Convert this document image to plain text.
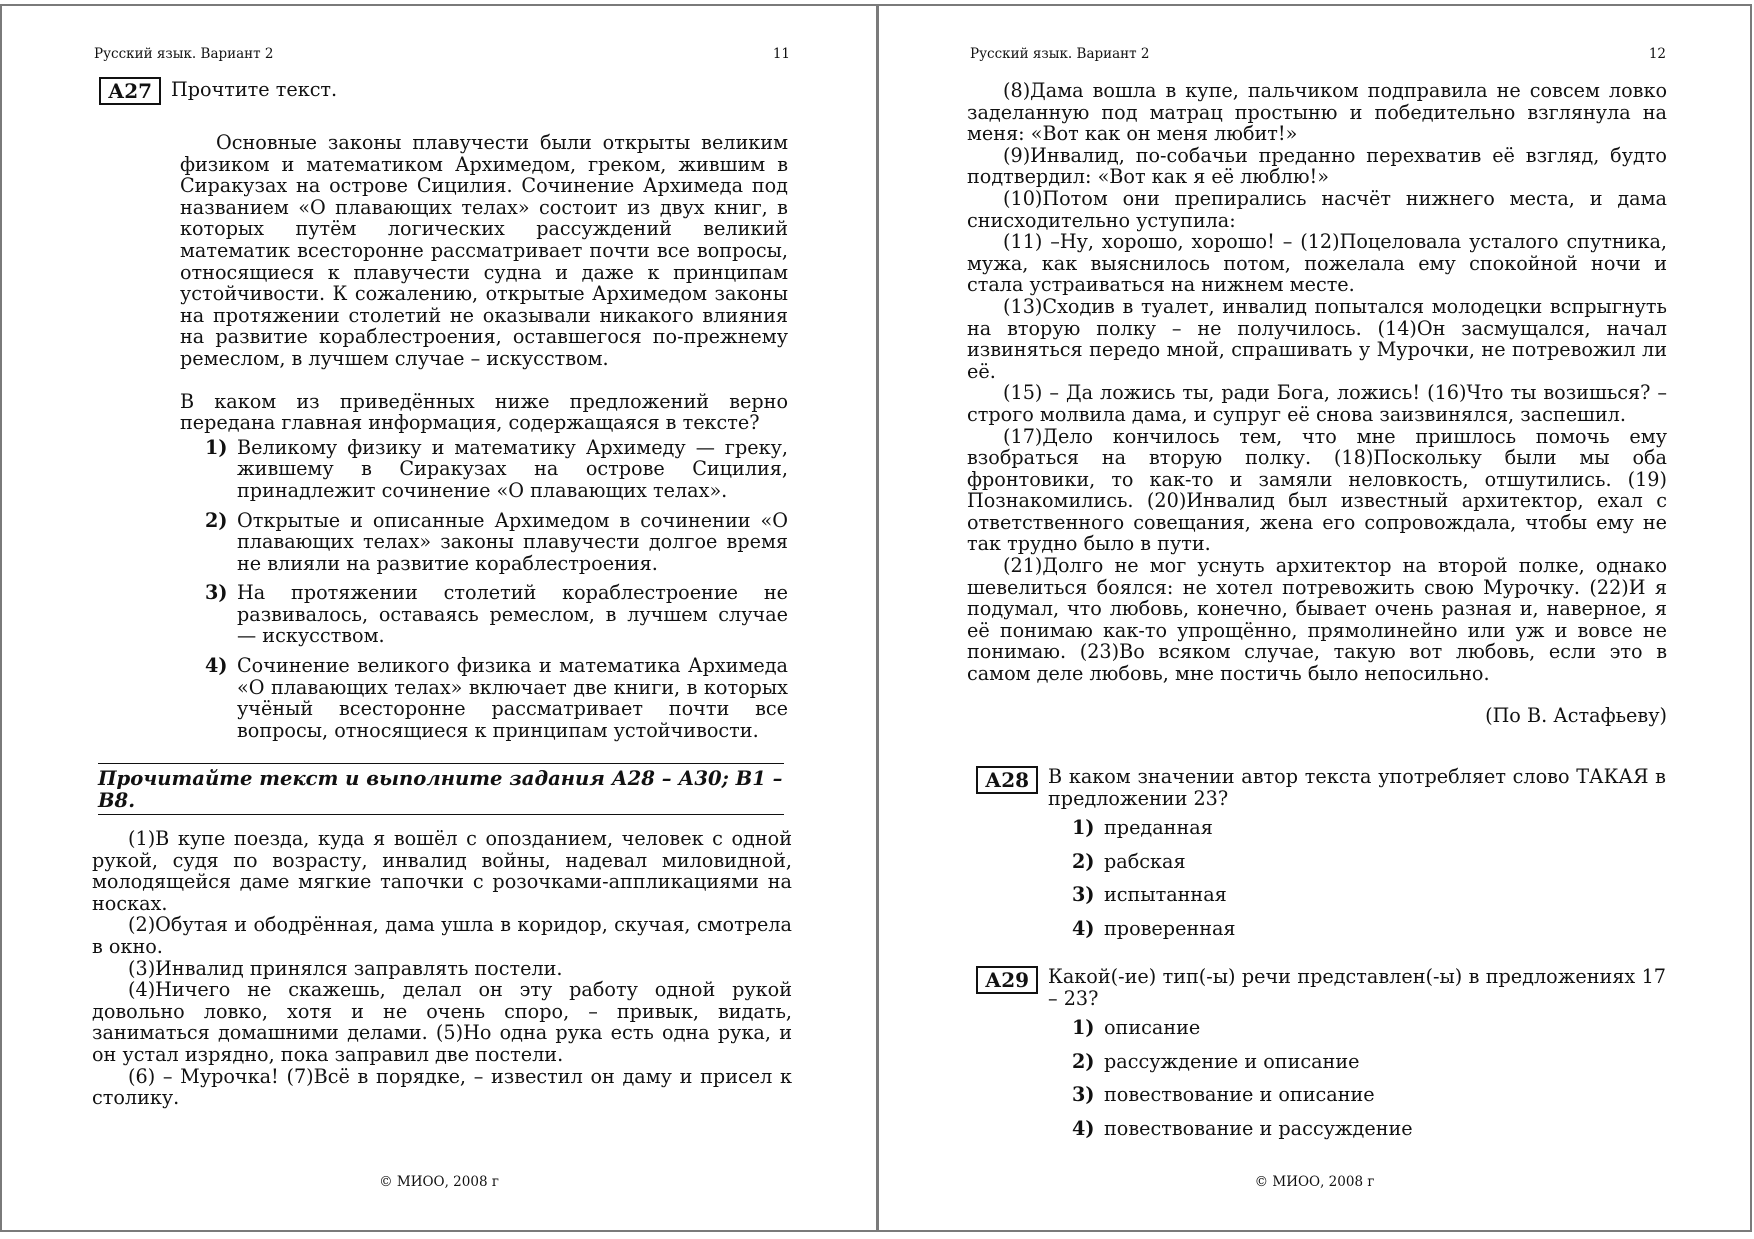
Русский язык. Вариант 2	11
А27 Прочтите текст.

Основные законы плавучести были открыты великим физиком и математиком Архимедом, греком, жившим в Сиракузах на острове Сицилия. Сочинение Архимеда под названием «О плавающих телах» состоит из двух книг, в которых путём логических рассуждений великий математик всесторонне рассматривает почти все вопросы, относящиеся к плавучести судна и даже к принципам устойчивости. К сожалению, открытые Архимедом законы на протяжении столетий не оказывали никакого влияния на развитие кораблестроения, оставшегося по-прежнему ремеслом, в лучшем случае – искусством.

В каком из приведённых ниже предложений верно передана главная информация, содержащаяся в тексте?

1) Великому физику и математику Архимеду — греку, жившему в Сиракузах на острове Сицилия, принадлежит сочинение «О плавающих телах».
2) Открытые и описанные Архимедом в сочинении «О плавающих телах» законы плавучести долгое время не влияли на развитие кораблестроения.
3) На протяжении столетий кораблестроение не развивалось, оставаясь ремеслом, в лучшем случае — искусством.
4) Сочинение великого физика и математика Архимеда «О плавающих телах» включает две книги, в которых учёный всесторонне рассматривает почти все вопросы, относящиеся к принципам устойчивости.
Прочитайте текст и выполните задания А28 – А30; В1 – В8.

(1)В купе поезда, куда я вошёл с опозданием, человек с одной рукой, судя по возрасту, инвалид войны, надевал миловидной, молодящейся даме мягкие тапочки с розочками-аппликациями на носках.

(2)Обутая и ободрённая, дама ушла в коридор, скучая, смотрела в окно.

(3)Инвалид принялся заправлять постели.

(4)Ничего не скажешь, делал он эту работу одной рукой довольно ловко, хотя и не очень споро, – привык, видать, заниматься домашними делами. (5)Но одна рука есть одна рука, и он устал изрядно, пока заправил две постели.

(6) – Мурочка! (7)Всё в порядке, – известил он даму и присел к столику.

© МИОО, 2008 г
Русский язык. Вариант 2	12

(8)Дама вошла в купе, пальчиком подправила не совсем ловко заделанную под матрац простыню и победительно взглянула на меня: «Вот как он меня любит!»

(9)Инвалид, по-собачьи преданно перехватив её взгляд, будто подтвердил: «Вот как я её люблю!»

(10)Потом они препирались насчёт нижнего места, и дама снисходительно уступила:

(11) –Ну, хорошо, хорошо! – (12)Поцеловала усталого спутника, мужа, как выяснилось потом, пожелала ему спокойной ночи и стала устраиваться на нижнем месте.

(13)Сходив в туалет, инвалид попытался молодецки вспрыгнуть на вторую полку – не получилось. (14)Он засмущался, начал извиняться передо мной, спрашивать у Мурочки, не потревожил ли её.

(15) – Да ложись ты, ради Бога, ложись! (16)Что ты возишься? – строго молвила дама, и супруг её снова заизвинялся, заспешил.

(17)Дело кончилось тем, что мне пришлось помочь ему взобраться на вторую полку. (18)Поскольку были мы оба фронтовики, то как-то и замяли неловкость, отшутились. (19) Познакомились. (20)Инвалид был известный архитектор, ехал с ответственного совещания, жена его сопровождала, чтобы ему не так трудно было в пути.

(21)Долго не мог уснуть архитектор на второй полке, однако шевелиться боялся: не хотел потревожить свою Мурочку. (22)И я подумал, что любовь, конечно, бывает очень разная и, наверное, я её понимаю как-то упрощённо, прямолинейно или уж и вовсе не понимаю. (23)Во всяком случае, такую вот любовь, если это в самом деле любовь, мне постичь было непосильно.

(По В. Астафьеву)
А28 В каком значении автор текста употребляет слово ТАКАЯ в предложении 23?
1) преданная
2) рабская
3) испытанная
4) проверенная
А29 Какой(-ие) тип(-ы) речи представлен(-ы) в предложениях 17 – 23?
1) описание
2) рассуждение и описание
3) повествование и описание
4) повествование и рассуждение
© МИОО, 2008 г
